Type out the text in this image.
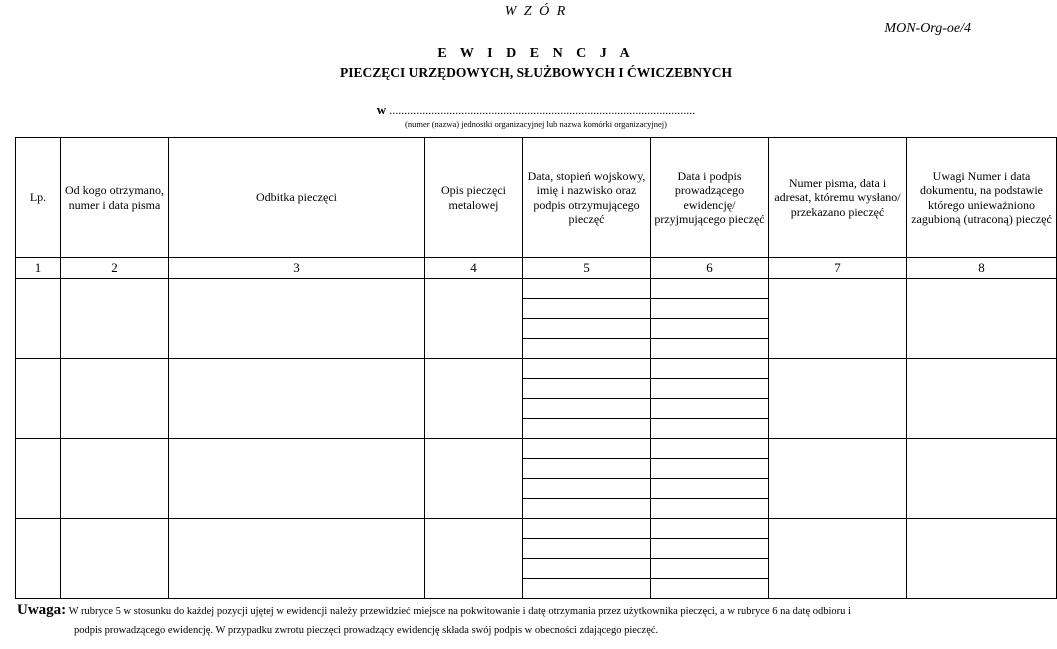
W Z Ó R
MON-Org-oe/4
E W I D E N C J A
PIECZĘCI URZĘDOWYCH, SŁUŻBOWYCH I ĆWICZEBNYCH
w ......................................................................................................
(numer (nazwa) jednostki organizacyjnej lub nazwa komórki organizacyjnej)
Lp.	Od kogo otrzymano, numer i data pisma	Odbitka pieczęci	Opis pieczęci metalowej	Data, stopień wojskowy, imię i nazwisko oraz podpis otrzymującego pieczęć	Data i podpis prowadzącego ewidencję/ przyjmującego pieczęć	Numer pisma, data i adresat, któremu wysłano/ przekazano pieczęć	Uwagi Numer i data dokumentu, na podstawie którego unieważniono zagubioną (utraconą) pieczęć
1	2	3	4	5	6	7	8

Uwaga: W rubryce 5 w stosunku do każdej pozycji ujętej w ewidencji należy przewidzieć miejsce na pokwitowanie i datę otrzymania przez użytkownika pieczęci, a w rubryce 6 na datę odbioru i
podpis prowadzącego ewidencję. W przypadku zwrotu pieczęci prowadzący ewidencję składa swój podpis w obecności zdającego pieczęć.
